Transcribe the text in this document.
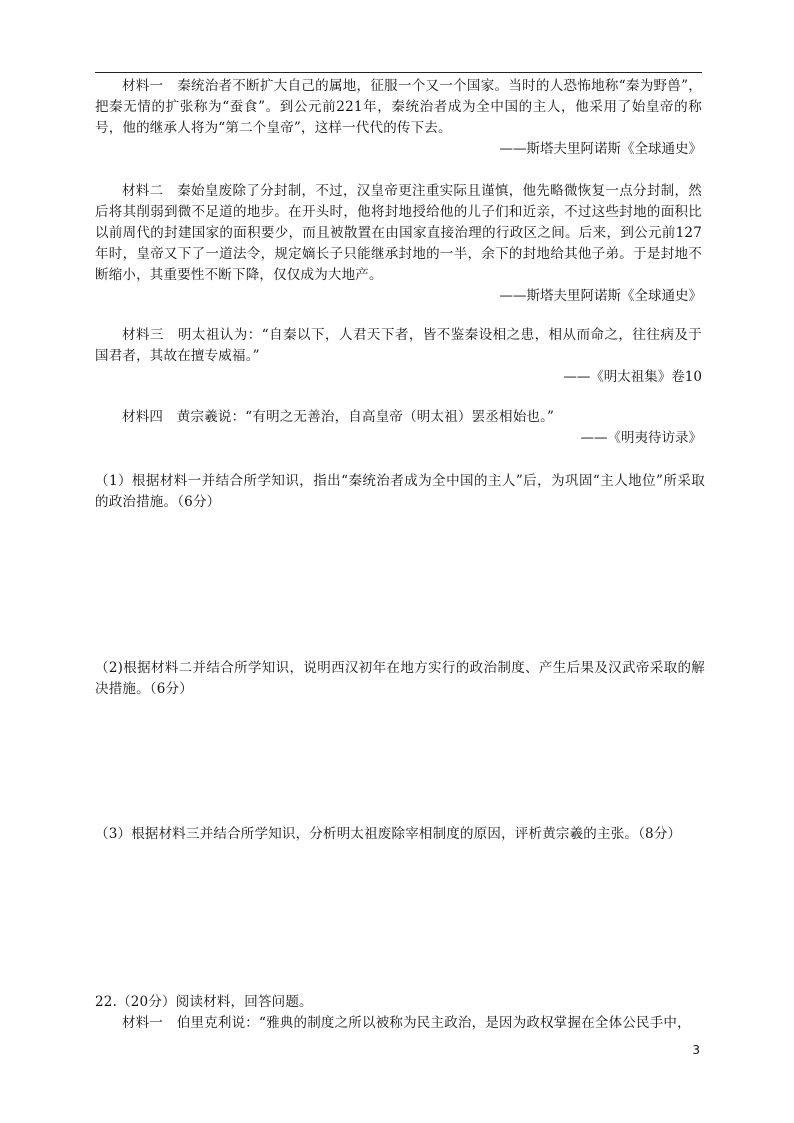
材料一　秦统治者不断扩大自己的属地，征服一个又一个国家。当时的人恐怖地称“秦为野兽”，把秦无情的扩张称为“蚕食”。到公元前221年，秦统治者成为全中国的主人，他采用了始皇帝的称号，他的继承人将为“第二个皇帝”，这样一代代的传下去。

——斯塔夫里阿诺斯《全球通史》

材料二　秦始皇废除了分封制，不过，汉皇帝更注重实际且谨慎，他先略微恢复一点分封制，然后将其削弱到微不足道的地步。在开头时，他将封地授给他的儿子们和近亲，不过这些封地的面积比以前周代的封建国家的面积要少，而且被散置在由国家直接治理的行政区之间。后来，到公元前127年时，皇帝又下了一道法令，规定嫡长子只能继承封地的一半，余下的封地给其他子弟。于是封地不断缩小，其重要性不断下降，仅仅成为大地产。

——斯塔夫里阿诺斯《全球通史》

材料三　明太祖认为：“自秦以下，人君天下者，皆不鉴秦设相之患，相从而命之，往往病及于国君者，其故在擅专威福。”

——《明太祖集》卷10

材料四　黄宗羲说：“有明之无善治，自高皇帝（明太祖）罢丞相始也。”

——《明夷待访录》

（1）根据材料一并结合所学知识，指出“秦统治者成为全中国的主人”后，为巩固“主人地位”所采取的政治措施。（6分）

（2)根据材料二并结合所学知识，说明西汉初年在地方实行的政治制度、产生后果及汉武帝采取的解决措施。（6分）

（3）根据材料三并结合所学知识，分析明太祖废除宰相制度的原因，评析黄宗羲的主张。（8分）

22.（20分）阅读材料，回答问题。

材料一　伯里克利说：“雅典的制度之所以被称为民主政治，是因为政权掌握在全体公民手中，

3
